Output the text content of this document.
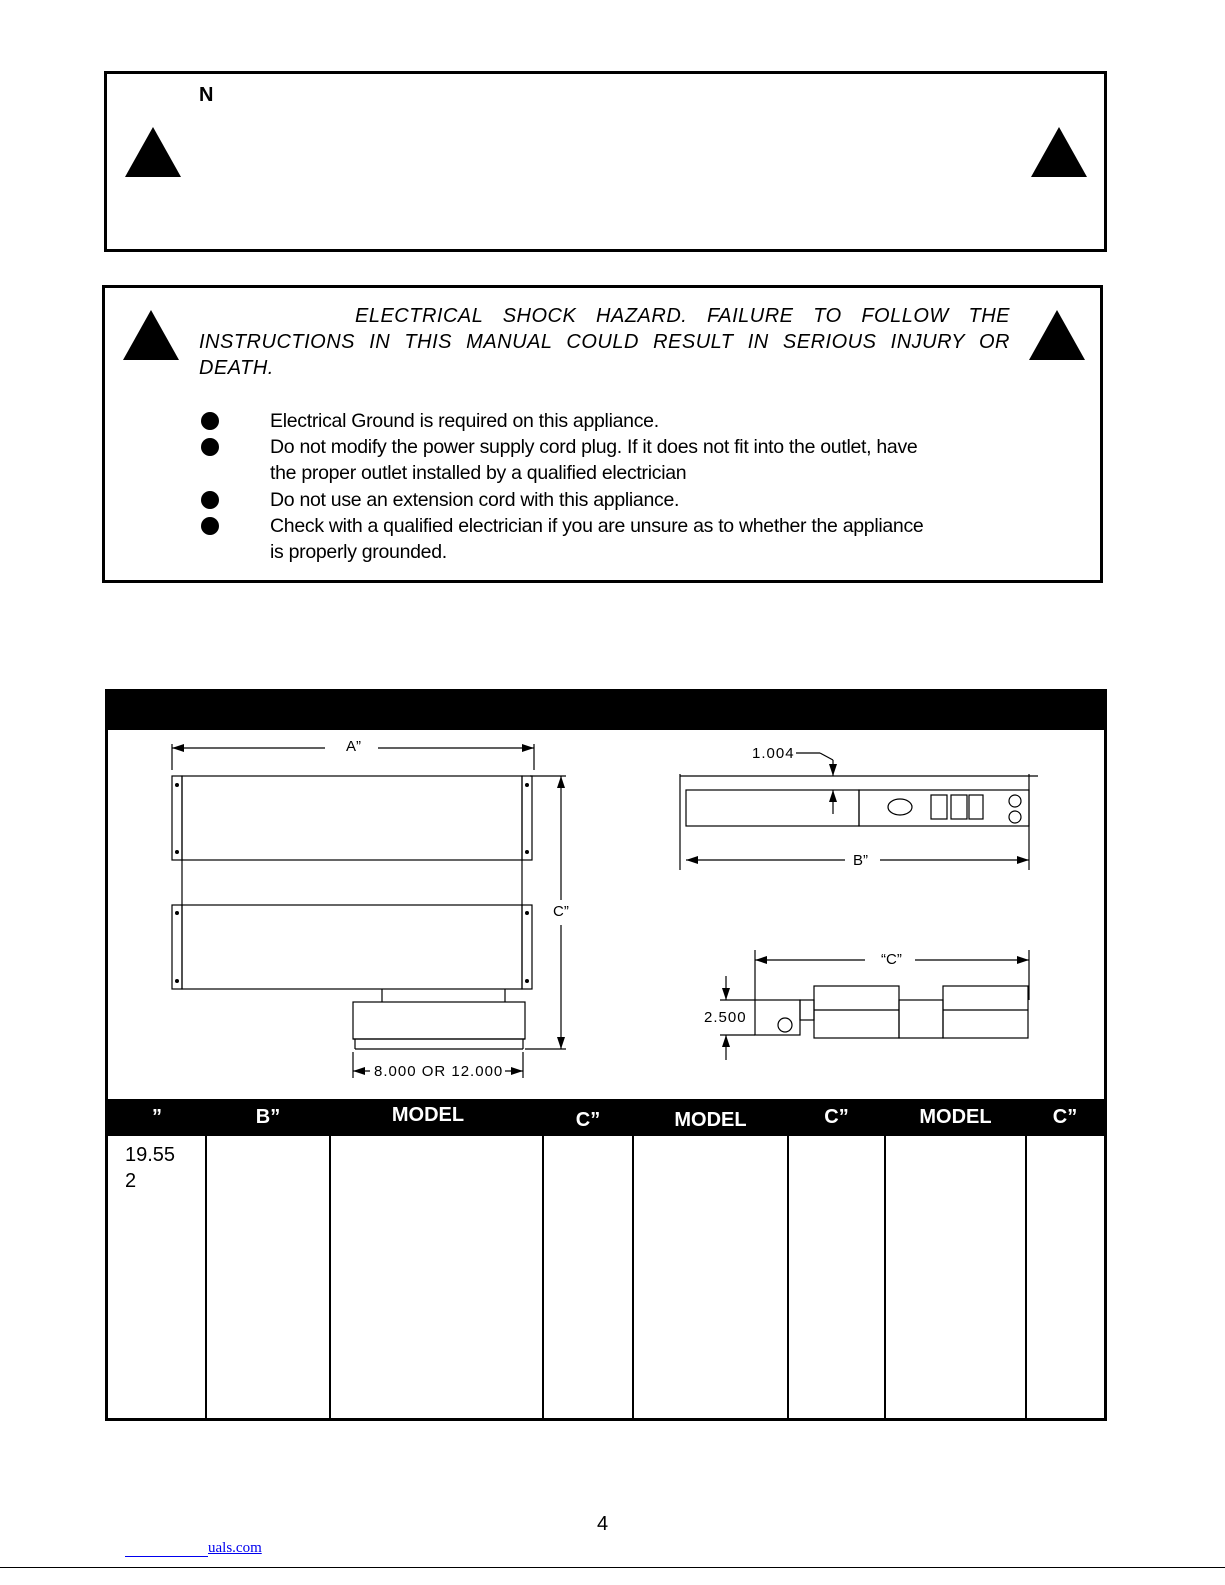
N
ELECTRICAL SHOCK HAZARD. FAILURE TO FOLLOW THE
INSTRUCTIONS IN THIS MANUAL COULD RESULT IN SERIOUS INJURY OR
DEATH.
Electrical Ground is required on this appliance.
Do not modify the power supply cord plug. If it does not fit into the outlet, have
the proper outlet installed by a qualified electrician
Do not use an extension cord with this appliance.
Check with a qualified electrician if you are unsure as to whether the appliance
is properly grounded.
A”
C”
8.000 OR 12.000
1.004
B”
“C”
2.500
”	B”	MODEL	C”	MODEL	C”	MODEL	C”
19.55
2
4
uals.com
